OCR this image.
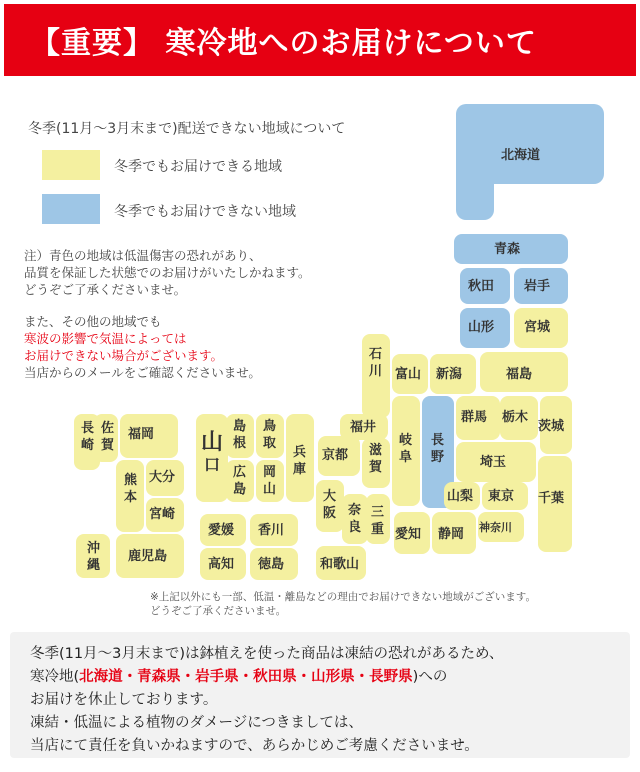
【重要】 寒冷地へのお届けについて
冬季(11月～3月末まで)配送できない地域について
冬季でもお届けできる地域
冬季でもお届けできない地域
注）青色の地域は低温傷害の恐れがあり、
品質を保証した状態でのお届けがいたしかねます。
どうぞご了承くださいませ。
また、その他の地域でも
寒波の影響で気温によっては
お届けできない場合がございます。
当店からのメールをご確認くださいませ。
北海道
青森
秋田 岩手
山形 宮城
福島
石川 富山 新潟
長崎
佐賀
福岡
熊本
大分
宮崎
鹿児島
沖縄
山
口
島根
鳥取
広島
岡山
兵庫
愛媛 香川
高知 徳島
京都
福井
滋賀
大阪 奈良
三重
和歌山
岐阜
長野
愛知 静岡
山梨
群馬 栃木
茨城
埼玉
東京
神奈川
千葉
※上記以外にも一部、低温・離島などの理由でお届けできない地域がございます。
どうぞご了承くださいませ。
冬季(11月～3月末まで)は鉢植えを使った商品は凍結の恐れがあるため、
寒冷地(北海道・青森県・岩手県・秋田県・山形県・長野県)への
お届けを休止しております。
凍結・低温による植物のダメージにつきましては、
当店にて責任を負いかねますので、あらかじめご考慮くださいませ。
